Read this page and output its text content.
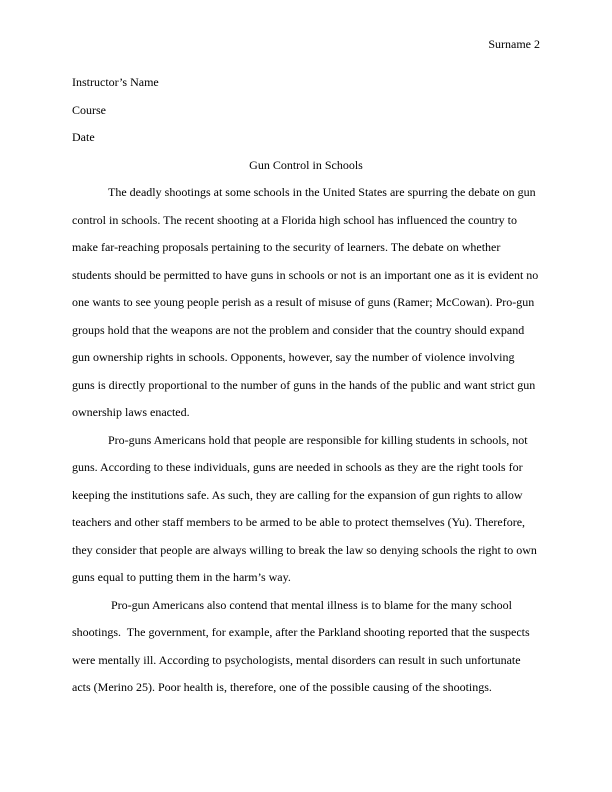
Surname 2

Instructor’s Name

Course

Date

Gun Control in Schools

The deadly shootings at some schools in the United States are spurring the debate on gun
control in schools. The recent shooting at a Florida high school has influenced the country to
make far-reaching proposals pertaining to the security of learners. The debate on whether
students should be permitted to have guns in schools or not is an important one as it is evident no
one wants to see young people perish as a result of misuse of guns (Ramer; McCowan). Pro-gun
groups hold that the weapons are not the problem and consider that the country should expand
gun ownership rights in schools. Opponents, however, say the number of violence involving
guns is directly proportional to the number of guns in the hands of the public and want strict gun
ownership laws enacted.

Pro-guns Americans hold that people are responsible for killing students in schools, not
guns. According to these individuals, guns are needed in schools as they are the right tools for
keeping the institutions safe. As such, they are calling for the expansion of gun rights to allow
teachers and other staff members to be armed to be able to protect themselves (Yu). Therefore,
they consider that people are always willing to break the law so denying schools the right to own
guns equal to putting them in the harm’s way.

Pro-gun Americans also contend that mental illness is to blame for the many school
shootings.  The government, for example, after the Parkland shooting reported that the suspects
were mentally ill. According to psychologists, mental disorders can result in such unfortunate
acts (Merino 25). Poor health is, therefore, one of the possible causing of the shootings.
